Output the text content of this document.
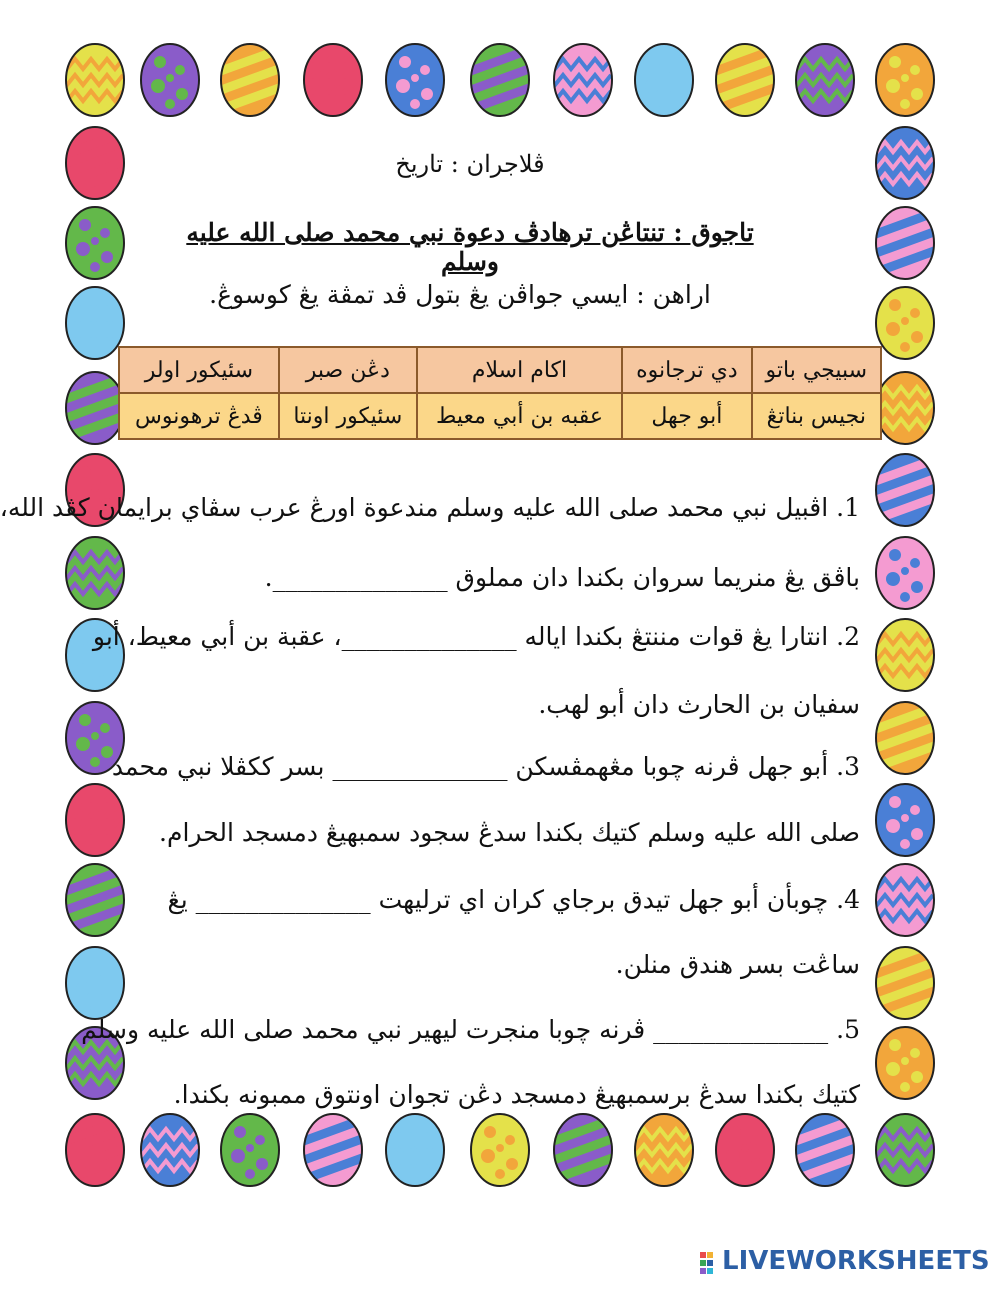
ڤلاجران : تاريخ
تاجوق : تنتاڠن ترهادڤ دعوة نبي محمد صلى الله عليه وسلم
اراهن : ايسي جواڤن يڠ بتول ڤد تمڤة يڠ كوسوڠ.
سبيجي باتو	دي ترجانوه	اكام اسلام	دڠن صبر	سئيكور اولر
نجيس بناتڠ	أبو جهل	عقبه بن أبي معيط	سئيكور اونتا	ڤدڠ ترهونوس
1. اڤبيل نبي محمد صلى الله عليه وسلم مندعوة اورڠ عرب سڤاي برايمان كڤد الله،
باڤق يڠ منريما سروان بكندا دان مملوق ______________.
2. انتارا يڠ قوات مننتڠ بكندا اياله ______________، عقبة بن أبي معيط، أبو
سفيان بن الحارث دان أبو لهب.
3. أبو جهل ڤرنه چوبا مڠهمڤسكن ______________ بسر ككڤلا نبي محمد
صلى الله عليه وسلم كتيك بكندا سدڠ سجود سمبهيڠ دمسجد الحرام.
4. چوبأن أبو جهل تيدق برجاي كران اي ترليهت ______________ يڠ
ساڠت بسر هندق منلن.
5. ______________ ڤرنه چوبا منجرت ليهير نبي محمد صلى الله عليه وسلم
كتيك بكندا سدڠ برسمبهيڠ دمسجد دڠن تجوان اونتوق ممبونه بكندا.
LIVEWORKSHEETS
